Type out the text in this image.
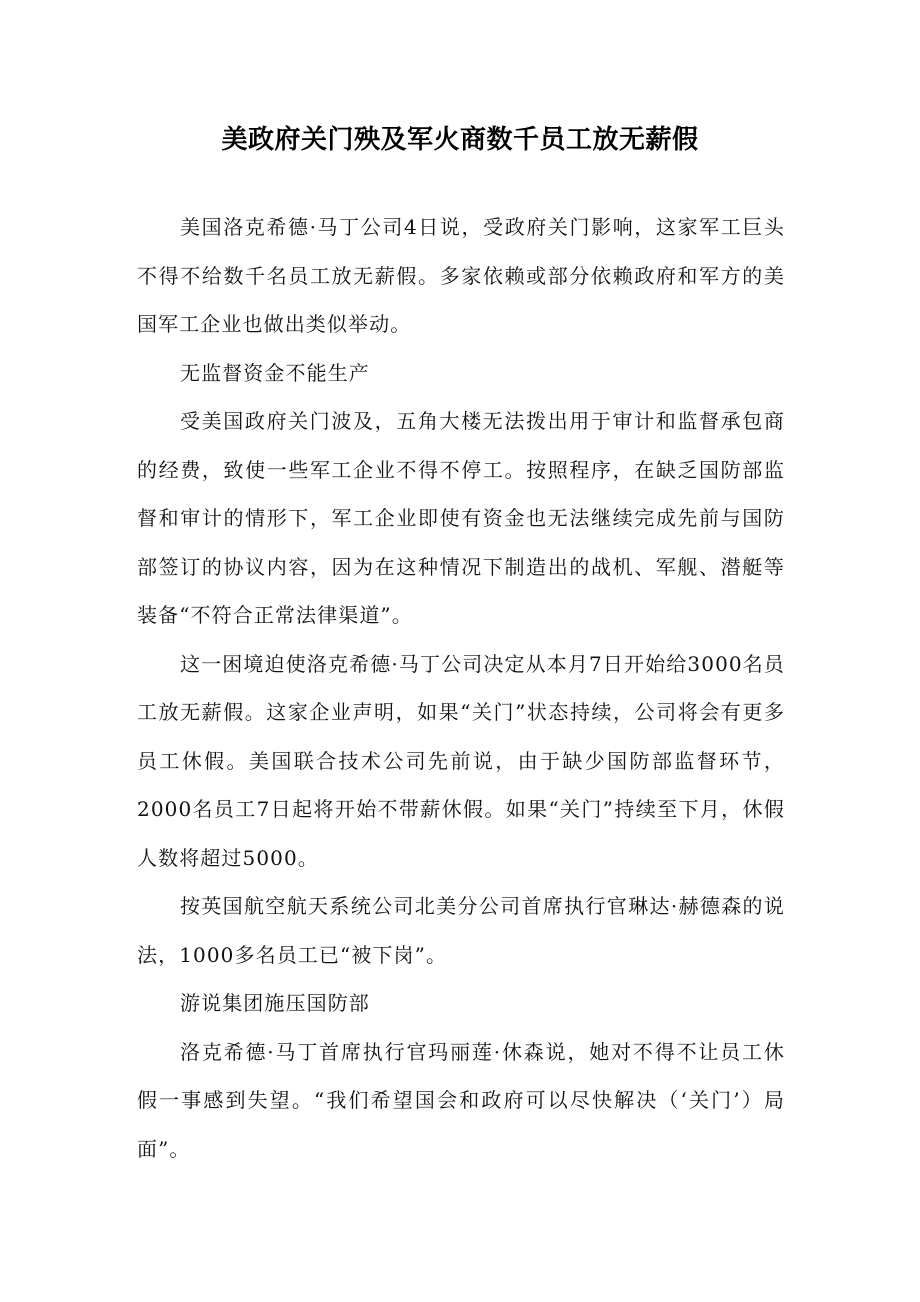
美政府关门殃及军火商数千员工放无薪假

美国洛克希德·马丁公司4日说，受政府关门影响，这家军工巨头不得不给数千名员工放无薪假。多家依赖或部分依赖政府和军方的美国军工企业也做出类似举动。

无监督资金不能生产

受美国政府关门波及，五角大楼无法拨出用于审计和监督承包商的经费，致使一些军工企业不得不停工。按照程序，在缺乏国防部监督和审计的情形下，军工企业即使有资金也无法继续完成先前与国防部签订的协议内容，因为在这种情况下制造出的战机、军舰、潜艇等装备“不符合正常法律渠道”。

这一困境迫使洛克希德·马丁公司决定从本月7日开始给3000名员工放无薪假。这家企业声明，如果“关门”状态持续，公司将会有更多员工休假。美国联合技术公司先前说，由于缺少国防部监督环节，2000名员工7日起将开始不带薪休假。如果“关门”持续至下月，休假人数将超过5000。

按英国航空航天系统公司北美分公司首席执行官琳达·赫德森的说法，1000多名员工已“被下岗”。

游说集团施压国防部

洛克希德·马丁首席执行官玛丽莲·休森说，她对不得不让员工休假一事感到失望。“我们希望国会和政府可以尽快解决（‘关门’）局面”。
